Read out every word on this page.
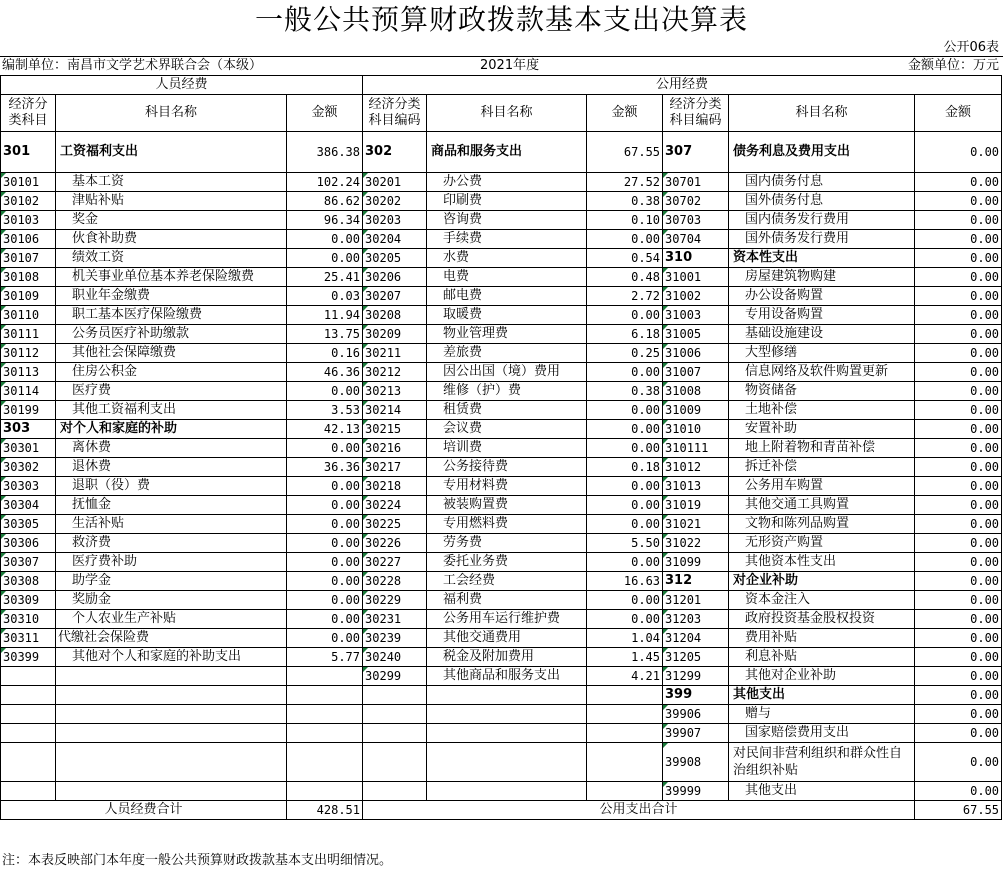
一般公共预算财政拨款基本支出决算表
公开06表
编制单位：南昌市文学艺术界联合会（本级）	2021年度	金额单位：万元
人员经费			公用经费					
经济分类科目	科目名称	金额	经济分类科目编码	科目名称	金额	经济分类科目编码	科目名称	金额
301	工资福利支出	386.38	302	商品和服务支出	67.55	307	债务利息及费用支出	0.00
30101	基本工资	102.24	30201	办公费	27.52	30701	国内债务付息	0.00
30102	津贴补贴	86.62	30202	印刷费	0.38	30702	国外债务付息	0.00
30103	奖金	96.34	30203	咨询费	0.10	30703	国内债务发行费用	0.00
30106	伙食补助费	0.00	30204	手续费	0.00	30704	国外债务发行费用	0.00
30107	绩效工资	0.00	30205	水费	0.54	310	资本性支出	0.00
30108	机关事业单位基本养老保险缴费	25.41	30206	电费	0.48	31001	房屋建筑物购建	0.00
30109	职业年金缴费	0.03	30207	邮电费	2.72	31002	办公设备购置	0.00
30110	职工基本医疗保险缴费	11.94	30208	取暖费	0.00	31003	专用设备购置	0.00
30111	公务员医疗补助缴款	13.75	30209	物业管理费	6.18	31005	基础设施建设	0.00
30112	其他社会保障缴费	0.16	30211	差旅费	0.25	31006	大型修缮	0.00
30113	住房公积金	46.36	30212	因公出国（境）费用	0.00	31007	信息网络及软件购置更新	0.00
30114	医疗费	0.00	30213	维修（护）费	0.38	31008	物资储备	0.00
30199	其他工资福利支出	3.53	30214	租赁费	0.00	31009	土地补偿	0.00
303	对个人和家庭的补助	42.13	30215	会议费	0.00	31010	安置补助	0.00
30301	离休费	0.00	30216	培训费	0.00	310111	地上附着物和青苗补偿	0.00
30302	退休费	36.36	30217	公务接待费	0.18	31012	拆迁补偿	0.00
30303	退职（役）费	0.00	30218	专用材料费	0.00	31013	公务用车购置	0.00
30304	抚恤金	0.00	30224	被装购置费	0.00	31019	其他交通工具购置	0.00
30305	生活补贴	0.00	30225	专用燃料费	0.00	31021	文物和陈列品购置	0.00
30306	救济费	0.00	30226	劳务费	5.50	31022	无形资产购置	0.00
30307	医疗费补助	0.00	30227	委托业务费	0.00	31099	其他资本性支出	0.00
30308	助学金	0.00	30228	工会经费	16.63	312	对企业补助	0.00
30309	奖励金	0.00	30229	福利费	0.00	31201	资本金注入	0.00
30310	个人农业生产补贴	0.00	30231	公务用车运行维护费	0.00	31203	政府投资基金股权投资	0.00
30311	代缴社会保险费	0.00	30239	其他交通费用	1.04	31204	费用补贴	0.00
30399	其他对个人和家庭的补助支出	5.77	30240	税金及附加费用	1.45	31205	利息补贴	0.00
			30299	其他商品和服务支出	4.21	31299	其他对企业补助	0.00
						399	其他支出	0.00
						39906	赠与	0.00
						39907	国家赔偿费用支出	0.00
						39908	对民间非营利组织和群众性自治组织补贴	0.00
						39999	其他支出	0.00
人员经费合计		428.51	公用支出合计					67.55
注：本表反映部门本年度一般公共预算财政拨款基本支出明细情况。
